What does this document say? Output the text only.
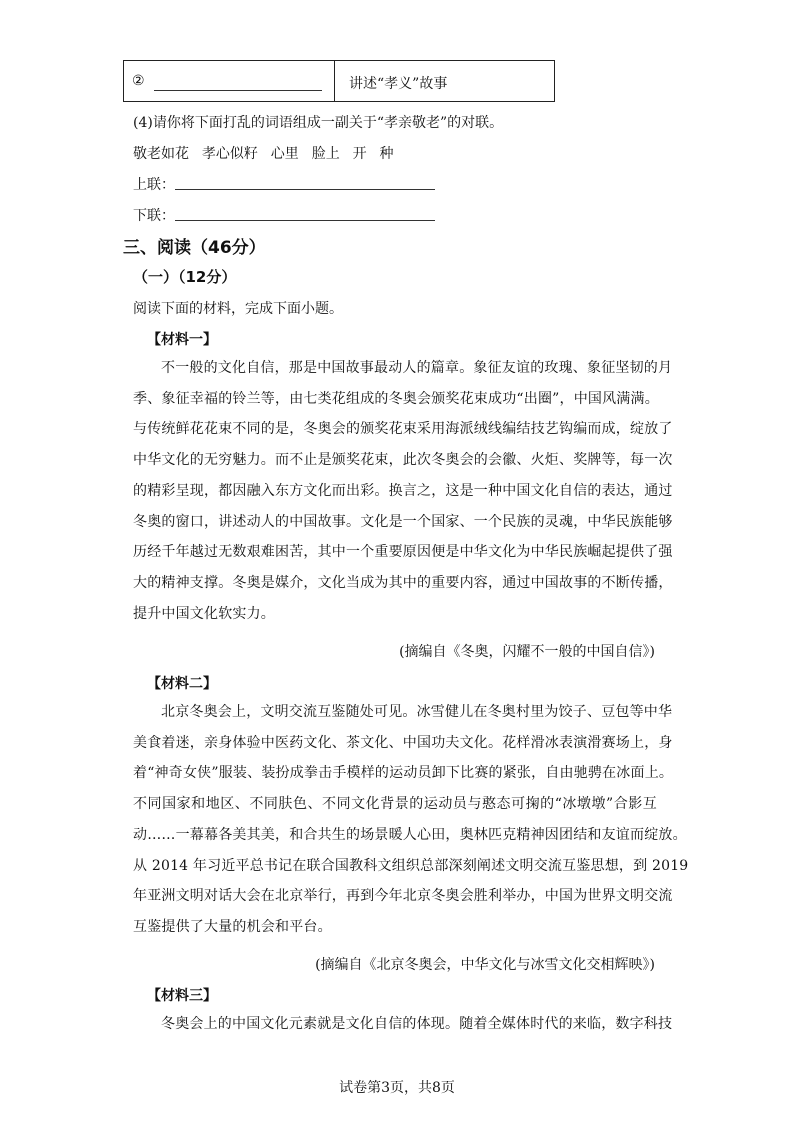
②	讲述“孝义”故事
(4)请你将下面打乱的词语组成一副关于“孝亲敬老”的对联。
敬老如花  孝心似籽  心里  脸上  开  种
上联：
下联：
三、阅读（46分）
（一）（12分）
阅读下面的材料，完成下面小题。
【材料一】
不一般的文化自信，那是中国故事最动人的篇章。象征友谊的玫瑰、象征坚韧的月
季、象征幸福的铃兰等，由七类花组成的冬奥会颁奖花束成功“出圈”，中国风满满。
与传统鲜花花束不同的是，冬奥会的颁奖花束采用海派绒线编结技艺钩编而成，绽放了
中华文化的无穷魅力。而不止是颁奖花束，此次冬奥会的会徽、火炬、奖牌等，每一次
的精彩呈现，都因融入东方文化而出彩。换言之，这是一种中国文化自信的表达，通过
冬奥的窗口，讲述动人的中国故事。文化是一个国家、一个民族的灵魂，中华民族能够
历经千年越过无数艰难困苦，其中一个重要原因便是中华文化为中华民族崛起提供了强
大的精神支撑。冬奥是媒介，文化当成为其中的重要内容，通过中国故事的不断传播，
提升中国文化软实力。
(摘编自《冬奥，闪耀不一般的中国自信》)
【材料二】
北京冬奥会上，文明交流互鉴随处可见。冰雪健儿在冬奥村里为饺子、豆包等中华
美食着迷，亲身体验中医药文化、茶文化、中国功夫文化。花样滑冰表演滑赛场上，身
着“神奇女侠”服装、装扮成拳击手模样的运动员卸下比赛的紧张，自由驰骋在冰面上。
不同国家和地区、不同肤色、不同文化背景的运动员与憨态可掬的“冰墩墩”合影互
动……一幕幕各美其美，和合共生的场景暖人心田，奥林匹克精神因团结和友谊而绽放。
从 2014 年习近平总书记在联合国教科文组织总部深刻阐述文明交流互鉴思想，到 2019
年亚洲文明对话大会在北京举行，再到今年北京冬奥会胜利举办，中国为世界文明交流
互鉴提供了大量的机会和平台。
(摘编自《北京冬奥会，中华文化与冰雪文化交相辉映》)
【材料三】
冬奥会上的中国文化元素就是文化自信的体现。随着全媒体时代的来临，数字科技
试卷第3页，共8页
